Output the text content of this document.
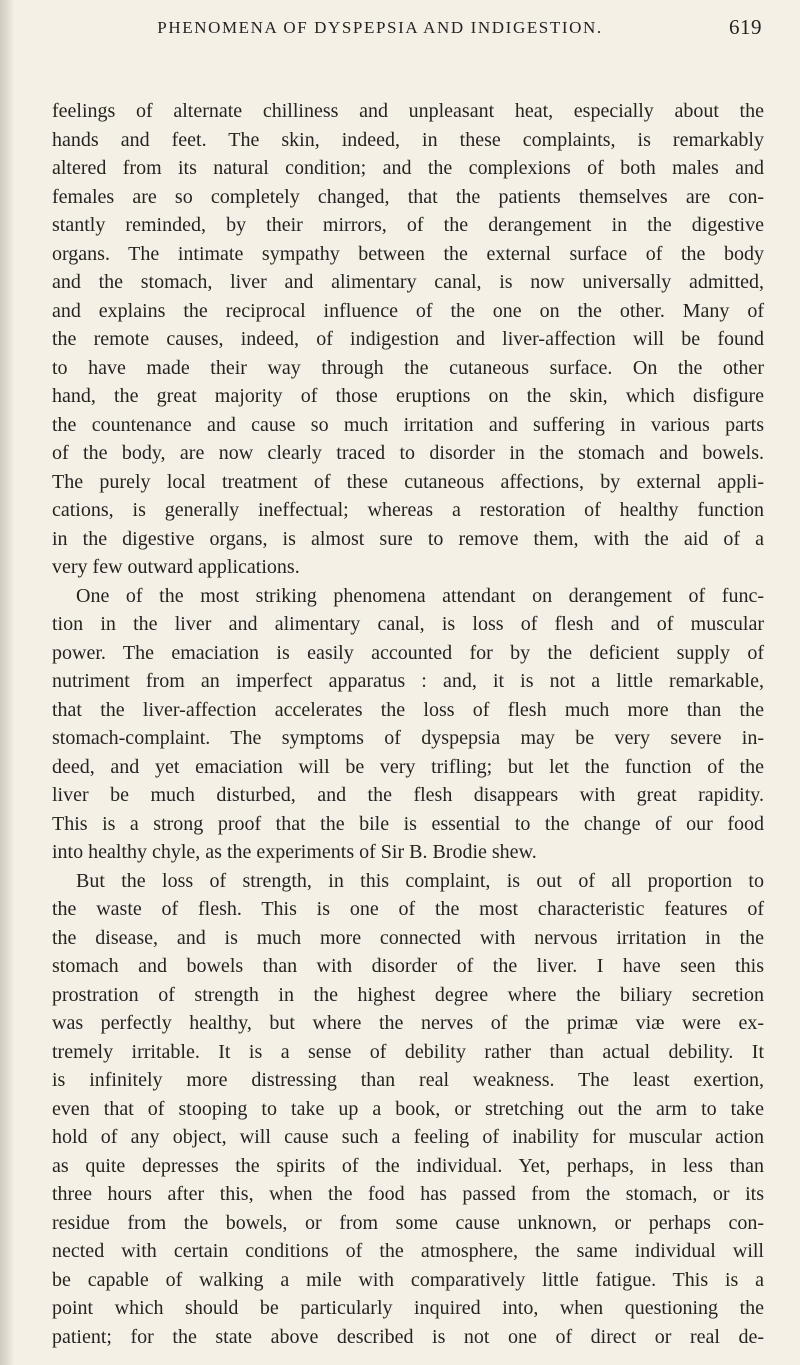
PHENOMENA OF DYSPEPSIA AND INDIGESTION.	619
feelings of alternate chilliness and unpleasant heat, especially about the
hands and feet. The skin, indeed, in these complaints, is remarkably
altered from its natural condition; and the complexions of both males and
females are so completely changed, that the patients themselves are con-
stantly reminded, by their mirrors, of the derangement in the digestive
organs. The intimate sympathy between the external surface of the body
and the stomach, liver and alimentary canal, is now universally admitted,
and explains the reciprocal influence of the one on the other. Many of
the remote causes, indeed, of indigestion and liver-affection will be found
to have made their way through the cutaneous surface. On the other
hand, the great majority of those eruptions on the skin, which disfigure
the countenance and cause so much irritation and suffering in various parts
of the body, are now clearly traced to disorder in the stomach and bowels.
The purely local treatment of these cutaneous affections, by external appli-
cations, is generally ineffectual; whereas a restoration of healthy function
in the digestive organs, is almost sure to remove them, with the aid of a
very few outward applications.
One of the most striking phenomena attendant on derangement of func-
tion in the liver and alimentary canal, is loss of flesh and of muscular
power. The emaciation is easily accounted for by the deficient supply of
nutriment from an imperfect apparatus : and, it is not a little remarkable,
that the liver-affection accelerates the loss of flesh much more than the
stomach-complaint. The symptoms of dyspepsia may be very severe in-
deed, and yet emaciation will be very trifling; but let the function of the
liver be much disturbed, and the flesh disappears with great rapidity.
This is a strong proof that the bile is essential to the change of our food
into healthy chyle, as the experiments of Sir B. Brodie shew.
But the loss of strength, in this complaint, is out of all proportion to
the waste of flesh. This is one of the most characteristic features of
the disease, and is much more connected with nervous irritation in the
stomach and bowels than with disorder of the liver. I have seen this
prostration of strength in the highest degree where the biliary secretion
was perfectly healthy, but where the nerves of the primæ viæ were ex-
tremely irritable. It is a sense of debility rather than actual debility. It
is infinitely more distressing than real weakness. The least exertion,
even that of stooping to take up a book, or stretching out the arm to take
hold of any object, will cause such a feeling of inability for muscular action
as quite depresses the spirits of the individual. Yet, perhaps, in less than
three hours after this, when the food has passed from the stomach, or its
residue from the bowels, or from some cause unknown, or perhaps con-
nected with certain conditions of the atmosphere, the same individual will
be capable of walking a mile with comparatively little fatigue. This is a
point which should be particularly inquired into, when questioning the
patient; for the state above described is not one of direct or real de-
